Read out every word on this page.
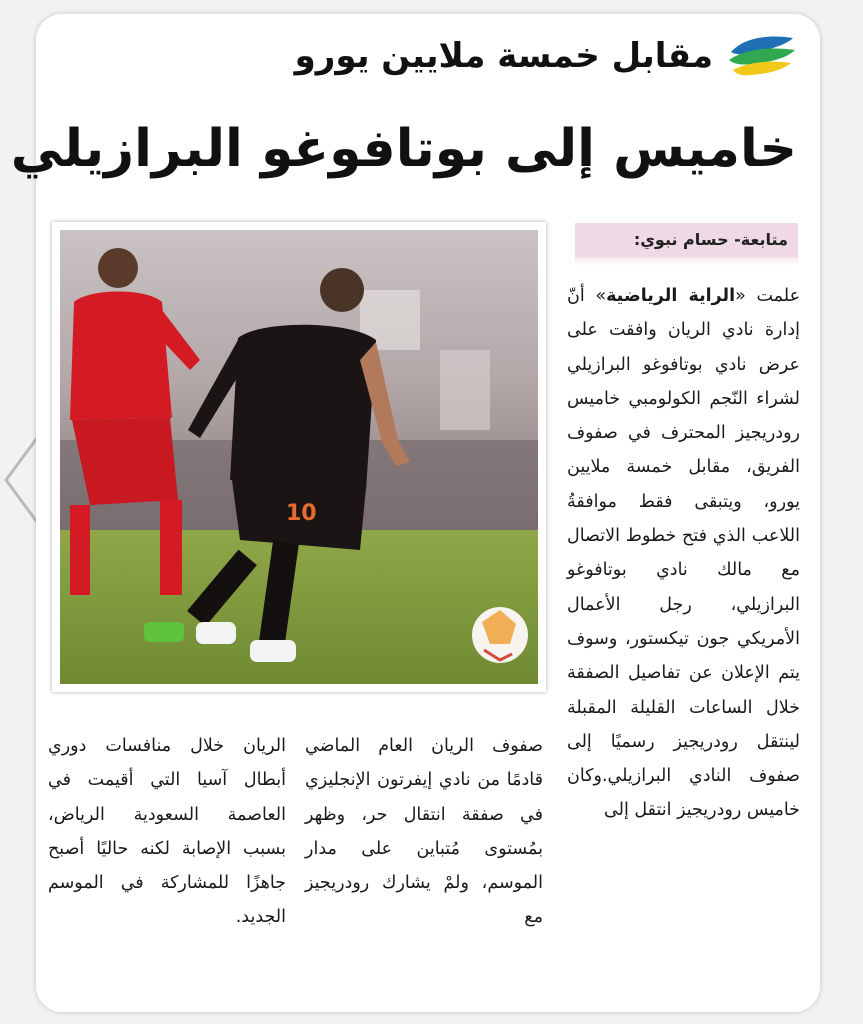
مقابل خمسة ملايين يورو
خاميس إلى بوتافوغو البرازيلي
متابعة- حسام نبوي:
10

علمت «الراية الرياضية» أنّ إدارة نادي الريان وافقت على عرض نادي بوتافوغو البرازيلي لشراء النّجم الكولومبي خاميس رودريجيز المحترف في صفوف الفريق، مقابل خمسة ملايين يورو، ويتبقى فقط موافقةُ اللاعب الذي فتح خطوط الاتصال مع مالك نادي بوتافوغو البرازيلي، رجل الأعمال الأمريكي جون تيكستور، وسوف يتم الإعلان عن تفاصيل الصفقة خلال الساعات القليلة المقبلة لينتقل رودريجيز رسميًا إلى صفوف النادي البرازيلي.وكان خاميس رودريجيز انتقل إلى

صفوف الريان العام الماضي قادمًا من نادي إيفرتون الإنجليزي في صفقة انتقال حر، وظهر بمُستوى مُتباين على مدار الموسم، ولمْ يشارك رودريجيز مع

الريان خلال منافسات دوري أبطال آسيا التي أقيمت في العاصمة السعودية الرياض، بسبب الإصابة لكنه حاليًا أصبح جاهزًا للمشاركة في الموسم الجديد.
